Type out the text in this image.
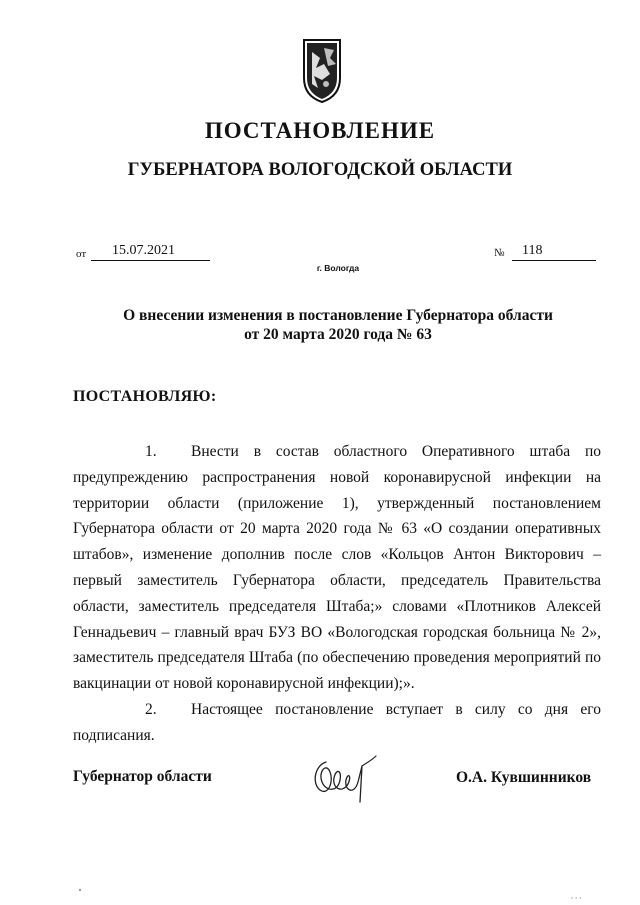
ПОСТАНОВЛЕНИЕ
ГУБЕРНАТОРА ВОЛОГОДСКОЙ ОБЛАСТИ
от 15.07.2021	№ 118
г. Вологда
О внесении изменения в постановление Губернатора области
от 20 марта 2020 года № 63
ПОСТАНОВЛЯЮ:

1. Внести в состав областного Оперативного штаба по предупреждению распространения новой коронавирусной инфекции на территории области (приложение 1), утвержденный постановлением Губернатора области от 20 марта 2020 года № 63 «О создании оперативных штабов», изменение дополнив после слов «Кольцов Антон Викторович – первый заместитель Губернатора области, председатель Правительства области, заместитель председателя Штаба;» словами «Плотников Алексей Геннадьевич – главный врач БУЗ ВО «Вологодская городская больница № 2», заместитель председателя Штаба (по обеспечению проведения мероприятий по вакцинации от новой коронавирусной инфекции);».

2. Настоящее постановление вступает в силу со дня его подписания.

Губернатор области	О.А. Кувшинников
' ' '
